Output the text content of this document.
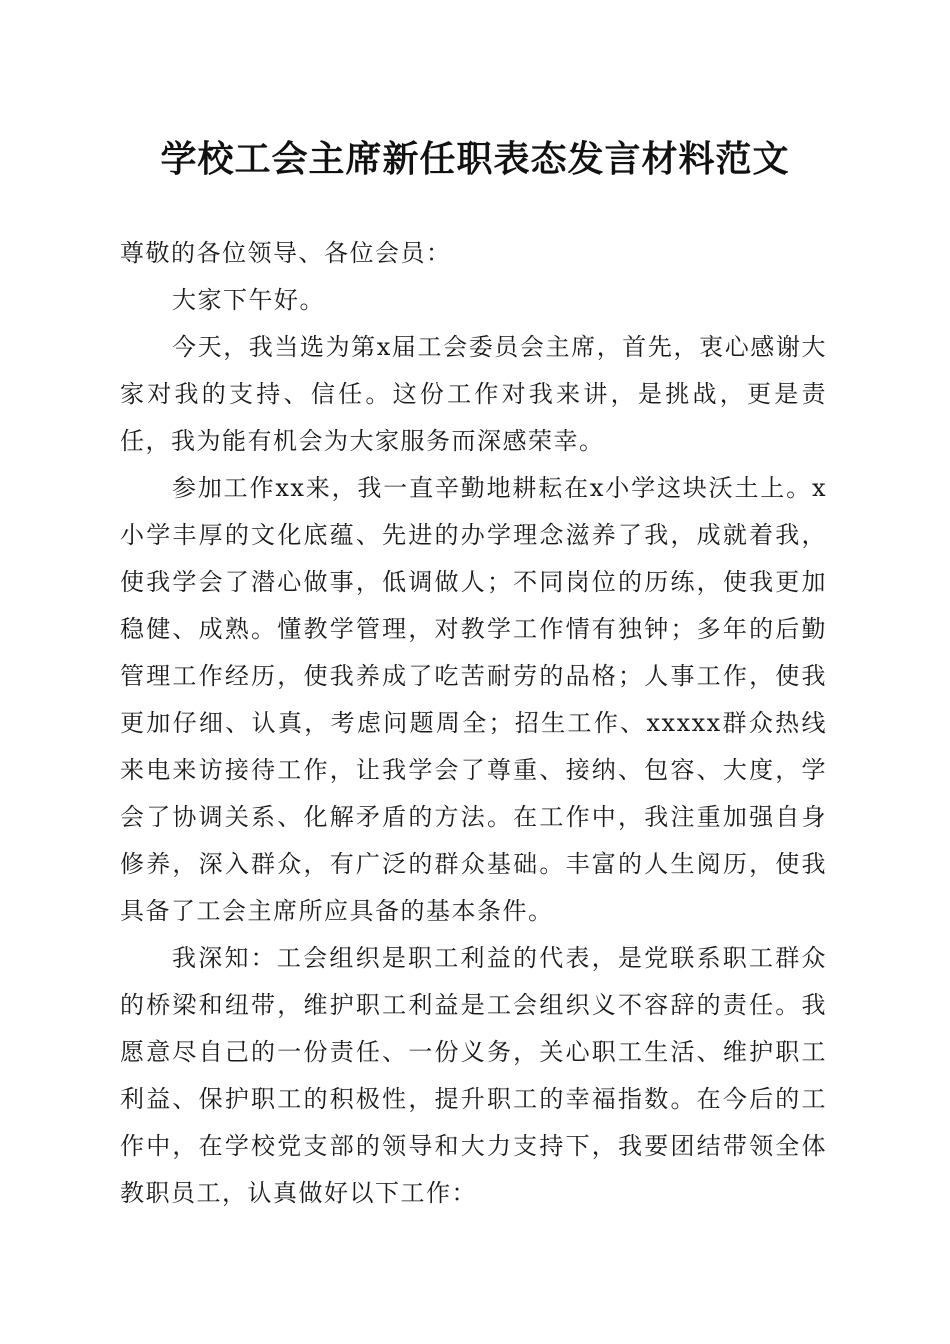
学校工会主席新任职表态发言材料范文

尊敬的各位领导、各位会员：

大家下午好。

今天，我当选为第x届工会委员会主席，首先，衷心感谢大家对我的支持、信任。这份工作对我来讲，是挑战，更是责任，我为能有机会为大家服务而深感荣幸。

参加工作xx来，我一直辛勤地耕耘在x小学这块沃土上。x小学丰厚的文化底蕴、先进的办学理念滋养了我，成就着我，使我学会了潜心做事，低调做人；不同岗位的历练，使我更加稳健、成熟。懂教学管理，对教学工作情有独钟；多年的后勤管理工作经历，使我养成了吃苦耐劳的品格；人事工作，使我更加仔细、认真，考虑问题周全；招生工作、xxxxx群众热线来电来访接待工作，让我学会了尊重、接纳、包容、大度，学会了协调关系、化解矛盾的方法。在工作中，我注重加强自身修养，深入群众，有广泛的群众基础。丰富的人生阅历，使我具备了工会主席所应具备的基本条件。

我深知：工会组织是职工利益的代表，是党联系职工群众的桥梁和纽带，维护职工利益是工会组织义不容辞的责任。我愿意尽自己的一份责任、一份义务，关心职工生活、维护职工利益、保护职工的积极性，提升职工的幸福指数。在今后的工作中，在学校党支部的领导和大力支持下，我要团结带领全体教职员工，认真做好以下工作：
